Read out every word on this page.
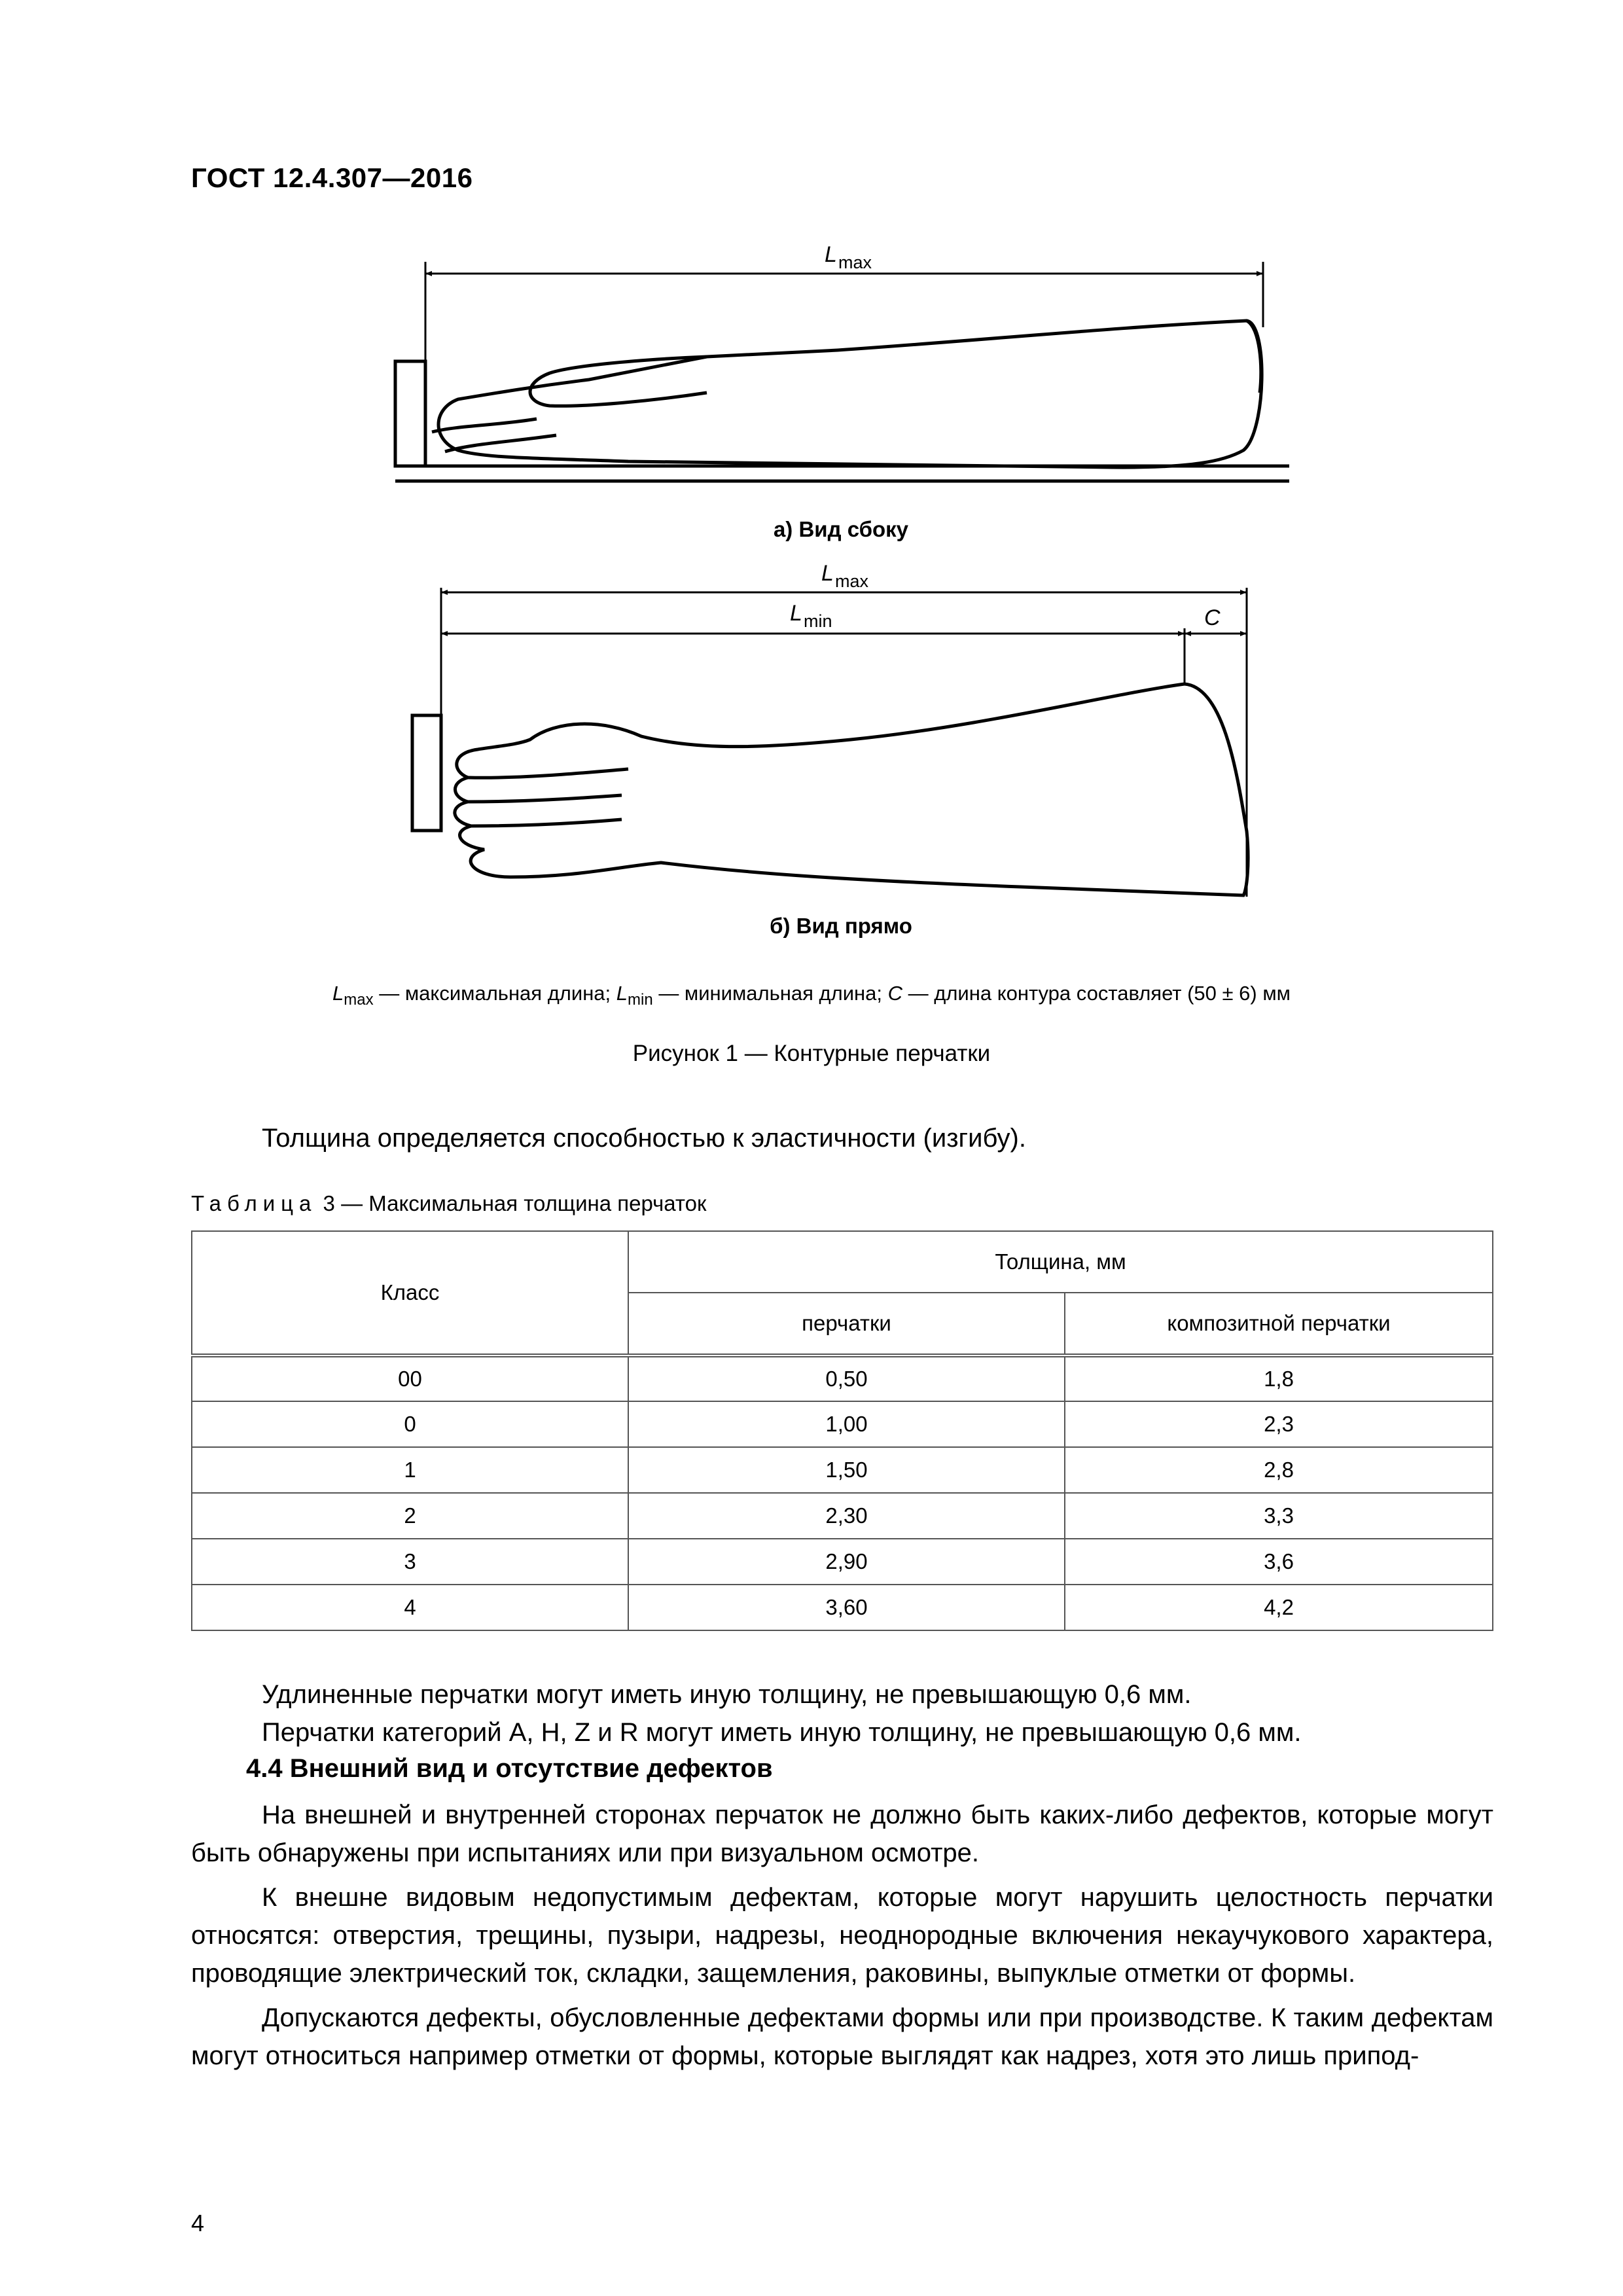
ГОСТ 12.4.307—2016
L max
L max
L min	C
а) Вид сбоку
б) Вид прямо
$L_{max}$ — максимальная длина; $L_{min}$ — минимальная длина; C — длина контура составляет (50 ± 6) мм
Рисунок 1 — Контурные перчатки
Толщина определяется способностью к эластичности (изгибу).
Таблица 3 — Максимальная толщина перчаток
Класс	Толщина, мм	
	перчатки	композитной перчатки
00	0,50	1,8
0	1,00	2,3
1	1,50	2,8
2	2,30	3,3
3	2,90	3,6
4	3,60	4,2
Удлиненные перчатки могут иметь иную толщину, не превышающую 0,6 мм.
Перчатки категорий A, H, Z и R могут иметь иную толщину, не превышающую 0,6 мм.
4.4 Внешний вид и отсутствие дефектов
На внешней и внутренней сторонах перчаток не должно быть каких-либо дефектов, которые могут быть обнаружены при испытаниях или при визуальном осмотре.
К внешне видовым недопустимым дефектам, которые могут нарушить целостность перчатки относятся: отверстия, трещины, пузыри, надрезы, неоднородные включения некаучукового характера, проводящие электрический ток, складки, защемления, раковины, выпуклые отметки от формы.
Допускаются дефекты, обусловленные дефектами формы или при производстве. К таким дефектам могут относиться например отметки от формы, которые выглядят как надрез, хотя это лишь припод-
4
